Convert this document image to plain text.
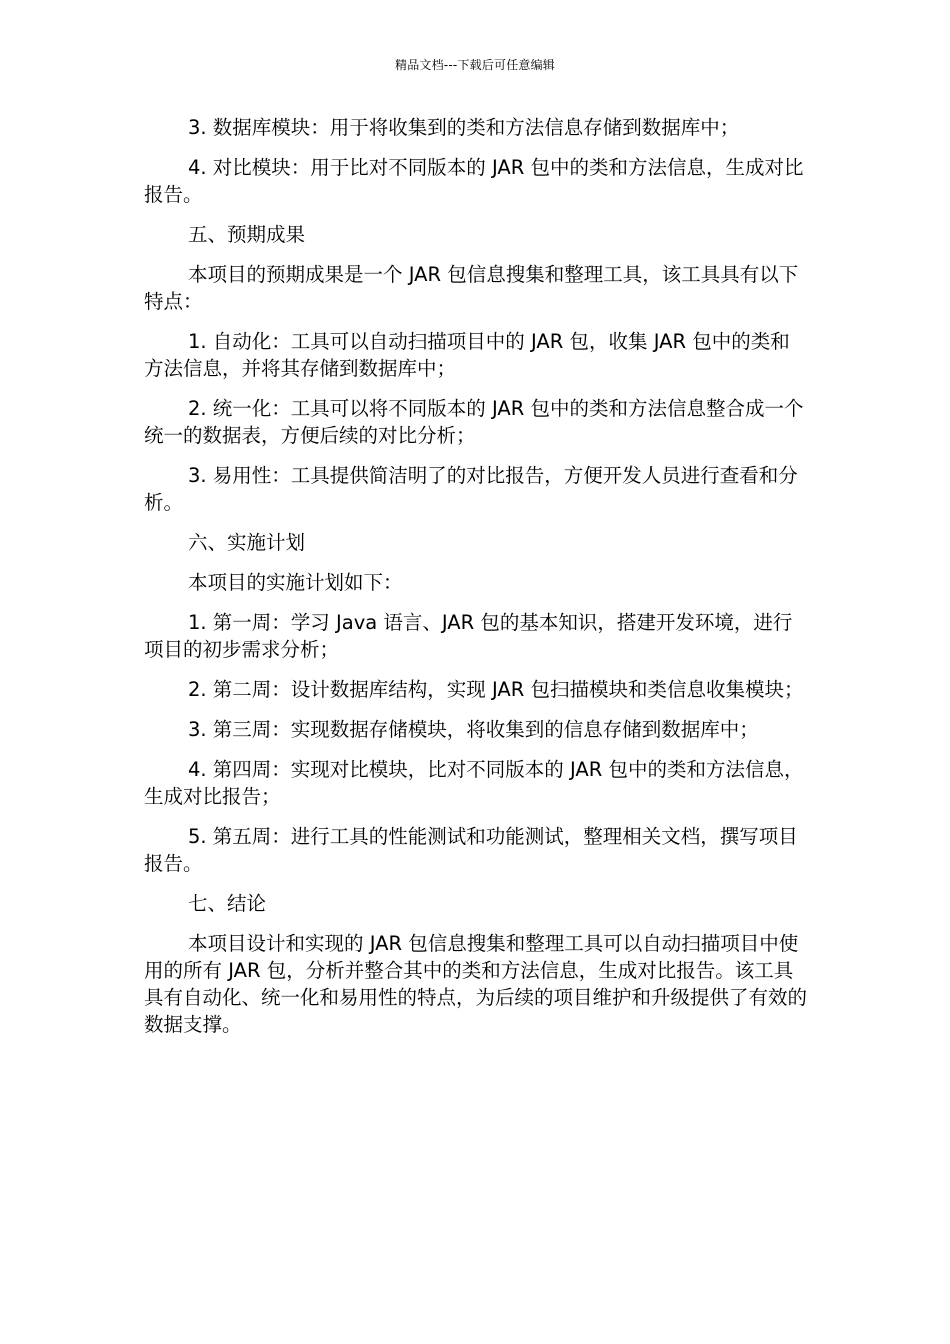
精品文档---下载后可任意编辑

3. 数据库模块：用于将收集到的类和方法信息存储到数据库中；

4. 对比模块：用于比对不同版本的 JAR 包中的类和方法信息，生成对比报告。

五、预期成果

本项目的预期成果是一个 JAR 包信息搜集和整理工具，该工具具有以下特点：

1. 自动化：工具可以自动扫描项目中的 JAR 包，收集 JAR 包中的类和方法信息，并将其存储到数据库中；

2. 统一化：工具可以将不同版本的 JAR 包中的类和方法信息整合成一个统一的数据表，方便后续的对比分析；

3. 易用性：工具提供简洁明了的对比报告，方便开发人员进行查看和分析。

六、实施计划

本项目的实施计划如下：

1. 第一周：学习 Java 语言、JAR 包的基本知识，搭建开发环境，进行项目的初步需求分析；

2. 第二周：设计数据库结构，实现 JAR 包扫描模块和类信息收集模块；

3. 第三周：实现数据存储模块，将收集到的信息存储到数据库中；

4. 第四周：实现对比模块，比对不同版本的 JAR 包中的类和方法信息，生成对比报告；

5. 第五周：进行工具的性能测试和功能测试，整理相关文档，撰写项目报告。

七、结论

本项目设计和实现的 JAR 包信息搜集和整理工具可以自动扫描项目中使用的所有 JAR 包，分析并整合其中的类和方法信息，生成对比报告。该工具具有自动化、统一化和易用性的特点，为后续的项目维护和升级提供了有效的数据支撑。
